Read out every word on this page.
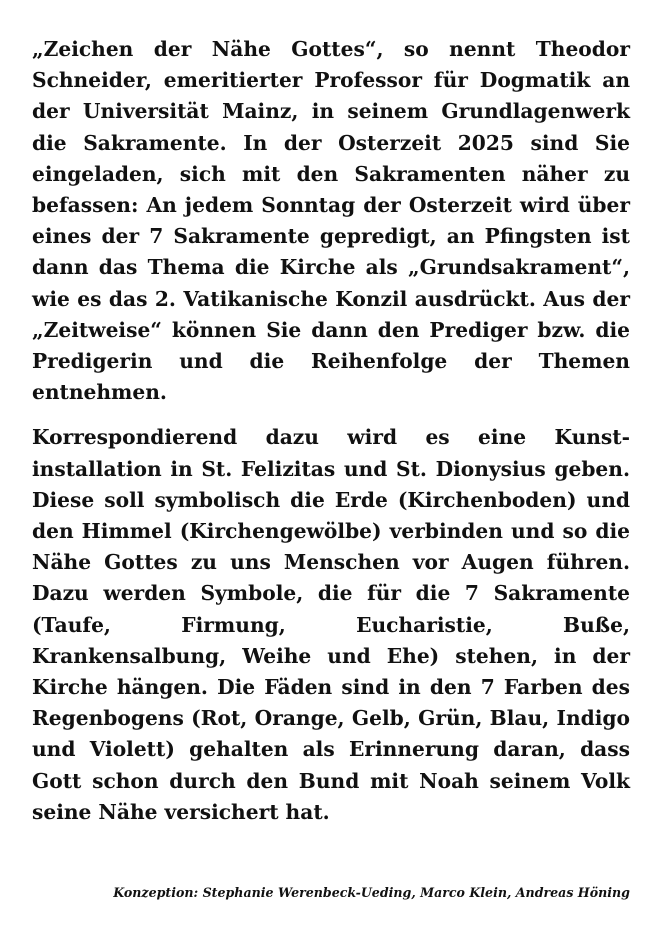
„Zeichen der Nähe Gottes“, so nennt Theodor Schneider, emeritierter Professor für Dogmatik an der Universität Mainz, in seinem Grundlagenwerk die Sakramente. In der Osterzeit 2025 sind Sie eingeladen, sich mit den Sakramenten näher zu befassen: An jedem Sonntag der Osterzeit wird über eines der 7 Sakramente gepredigt, an Pfingsten ist dann das Thema die Kirche als „Grundsakrament“, wie es das 2. Vatikanische Konzil ausdrückt. Aus der „Zeitweise“ können Sie dann den Prediger bzw. die Predigerin und die Reihenfolge der Themen entnehmen.

Korrespondierend dazu wird es eine Kunstinstallation in St. Felizitas und St. Dionysius geben. Diese soll symbolisch die Erde (Kirchenboden) und den Himmel (Kirchengewölbe) verbinden und so die Nähe Gottes zu uns Menschen vor Augen führen. Dazu werden Symbole, die für die 7 Sakramente (Taufe, Firmung, Eucharistie, Buße, Krankensalbung, Weihe und Ehe) stehen, in der Kirche hängen. Die Fäden sind in den 7 Farben des Regenbogens (Rot, Orange, Gelb, Grün, Blau, Indigo und Violett) gehalten als Erinnerung daran, dass Gott schon durch den Bund mit Noah seinem Volk seine Nähe versichert hat.

Konzeption: Stephanie Werenbeck-Ueding, Marco Klein, Andreas Höning
